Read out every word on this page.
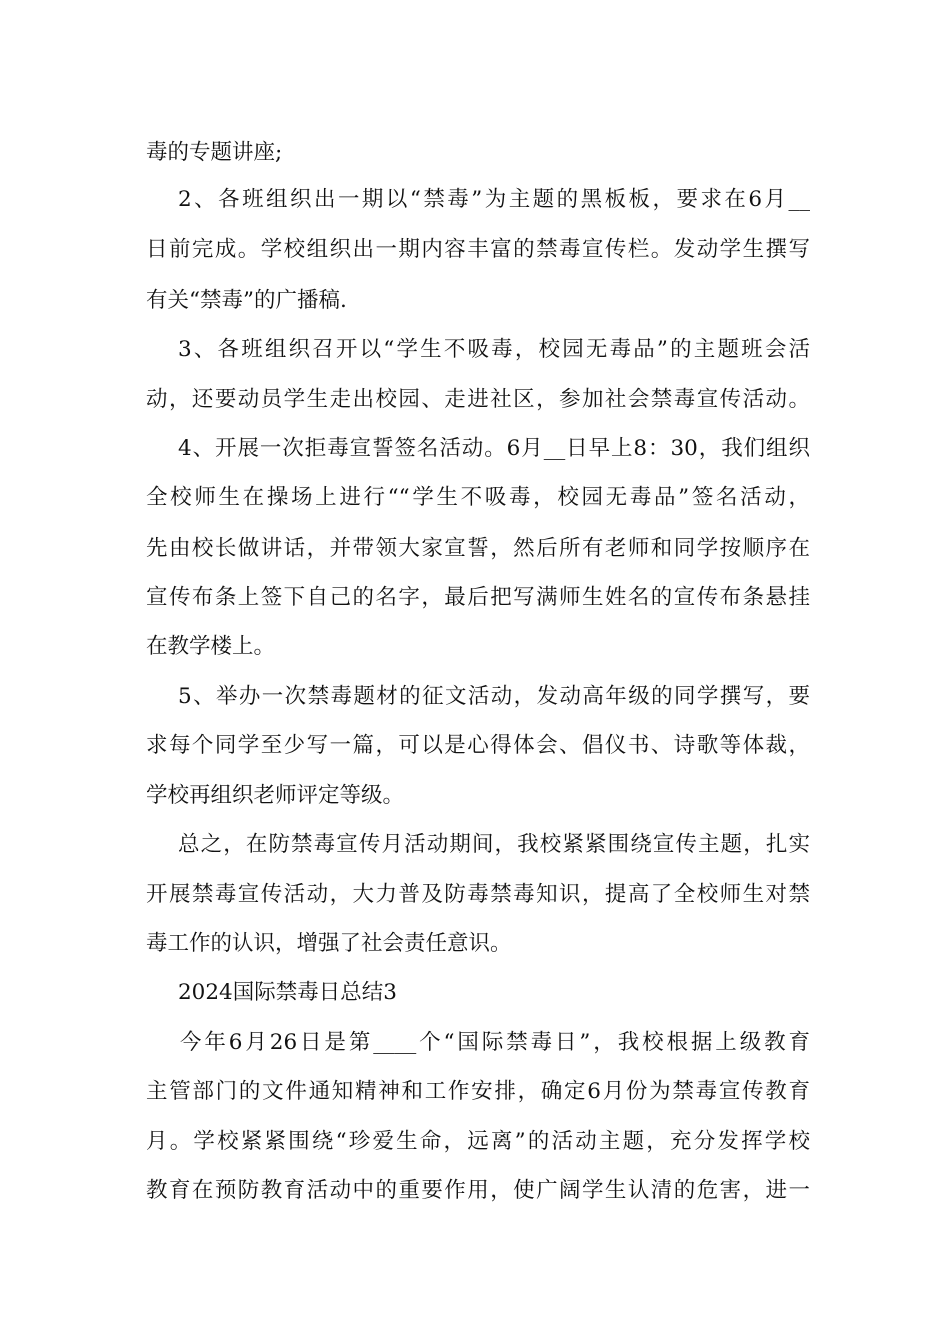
毒的专题讲座;
2、各班组织出一期以“禁毒”为主题的黑板板，要求在6月__
日前完成。学校组织出一期内容丰富的禁毒宣传栏。发动学生撰写
有关“禁毒”的广播稿.
3、各班组织召开以“学生不吸毒，校园无毒品”的主题班会活
动，还要动员学生走出校园、走进社区，参加社会禁毒宣传活动。
4、开展一次拒毒宣誓签名活动。6月__日早上8：30，我们组织
全校师生在操场上进行““学生不吸毒，校园无毒品”签名活动，
先由校长做讲话，并带领大家宣誓，然后所有老师和同学按顺序在
宣传布条上签下自己的名字，最后把写满师生姓名的宣传布条悬挂
在教学楼上。
5、举办一次禁毒题材的征文活动，发动高年级的同学撰写，要
求每个同学至少写一篇，可以是心得体会、倡仪书、诗歌等体裁，
学校再组织老师评定等级。
总之，在防禁毒宣传月活动期间，我校紧紧围绕宣传主题，扎实
开展禁毒宣传活动，大力普及防毒禁毒知识，提高了全校师生对禁
毒工作的认识，增强了社会责任意识。
2024国际禁毒日总结3
今年6月26日是第____个“国际禁毒日”，我校根据上级教育
主管部门的文件通知精神和工作安排，确定6月份为禁毒宣传教育
月。学校紧紧围绕“珍爱生命，远离”的活动主题，充分发挥学校
教育在预防教育活动中的重要作用，使广阔学生认清的危害，进一
